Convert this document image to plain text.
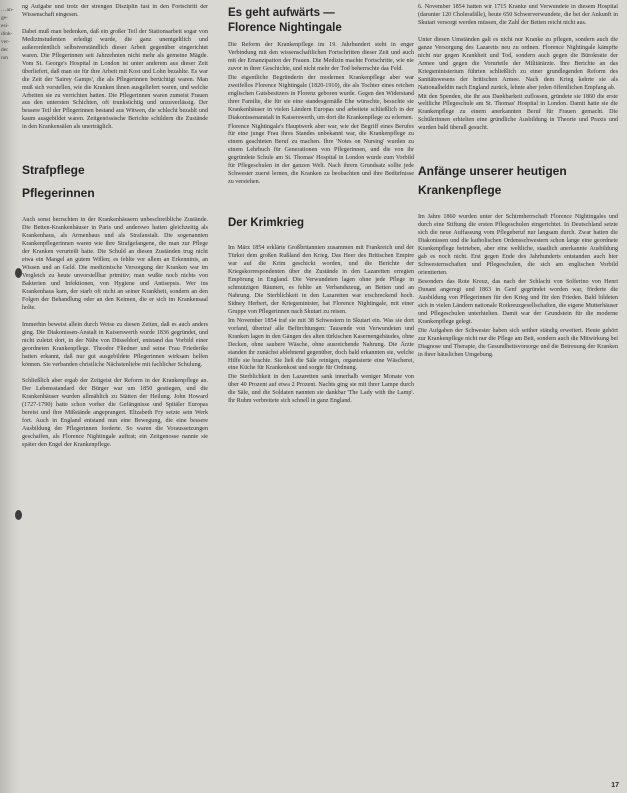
…an-
ge-
esi-
dink-
ver-
der
nm

ng Aufgabe und trotz der strengen Disziplin fast in den Fortschritt der Wissenschaft eingesen.

Dabei muß man bedenken, daß ein großer Teil der Stationsarbeit sogar von Medizinstudenten erledigt wurde, die ganz unentgeltlich und außerordentlich selbstverständlich dieser Arbeit gegenüber eingerichtet waren. Die Pflegerinnen seit Jahrzehnten nicht mehr als gemeine Mägde. Vom St. George's Hospital in London ist unter anderem aus dieser Zeit überliefert, daß man sie für ihre Arbeit mit Kost und Lohn bezahlte. Es war die Zeit der 'Sairey Gamps', die als Pflegerinnen berüchtigt waren. Man muß sich vorstellen, wie die Kranken ihnen ausgeliefert waren, und welche Arbeiten sie zu verrichten hatten. Die Pflegerinnen waren zumeist Frauen aus den untersten Schichten, oft trunksüchtig und unzuverlässig. Der bessere Teil der Pflegerinnen bestand aus Witwen, die schlecht bezahlt und kaum ausgebildet waren. Zeitgenössische Berichte schildern die Zustände in den Krankensälen als unerträglich.

Strafpflege
Pflegerinnen

Auch sonst herrschten in der Krankenhäusern unbeschreibliche Zustände. Die Betten-Krankenhäuser in Paris und anderswo hatten gleichzeitig als Krankenhaus, als Armenhaus und als Strafanstalt. Die sogenannten Krankenpflegerinnen waren wie ihre Strafgefangene, die man zur Pflege der Kranken verurteilt hatte. Die Schuld an diesen Zuständen trug nicht etwa ein Mangel an gutem Willen; es fehlte vor allem an Erkenntnis, an Wissen und an Geld. Die medizinische Versorgung der Kranken war im Vergleich zu heute unvorstellbar primitiv; man wußte noch nichts von Bakterien und Infektionen, von Hygiene und Antisepsis. Wer ins Krankenhaus kam, der starb oft nicht an seiner Krankheit, sondern an den Folgen der Behandlung oder an den Keimen, die er sich im Krankensaal holte.

Immerhin beweist allein durch Weise zu diesen Zeiten, daß es auch anders ging. Die Diakonissen-Anstalt in Kaiserswerth wurde 1836 gegründet, und nicht zuletzt dort, in der Nähe von Düsseldorf, entstand das Vorbild einer geordneten Krankenpflege. Theodor Fliedner und seine Frau Friederike hatten erkannt, daß nur gut ausgebildete Pflegerinnen wirksam helfen können. Sie verbanden christliche Nächstenliebe mit fachlicher Schulung.

Schließlich aber ergab der Zeitgeist der Reform in der Krankenpflege an. Der Lebensstandard der Bürger war um 1850 gestiegen, und die Krankenhäuser wurden allmählich zu Stätten der Heilung. John Howard (1727-1790) hatte schon vorher die Gefängnisse und Spitäler Europas bereist und ihre Mißstände angeprangert. Elizabeth Fry setzte sein Werk fort. Auch in England entstand nun eine Bewegung, die eine bessere Ausbildung der Pflegerinnen forderte. So waren die Voraussetzungen geschaffen, als Florence Nightingale auftrat; ein Zeitgenosse nannte sie später den Engel der Krankenpflege.

Es geht aufwärts —
Florence Nightingale

Die Reform der Krankenpflege im 19. Jahrhundert steht in enger Verbindung mit den wissenschaftlichen Fortschritten dieser Zeit und auch mit der Emanzipation der Frauen. Die Medizin machte Fortschritte, wie nie zuvor in ihrer Geschichte, und nicht mehr der Tod beherrschte das Feld.

Die eigentliche Begründerin der modernen Krankenpflege aber war zweifellos Florence Nightingale (1820-1910), die als Tochter eines reichen englischen Gutsbesitzers in Florenz geboren wurde. Gegen den Widerstand ihrer Familie, die für sie eine standesgemäße Ehe wünschte, besuchte sie Krankenhäuser in vielen Ländern Europas und arbeitete schließlich in der Diakonissenanstalt in Kaiserswerth, um dort die Krankenpflege zu erlernen.

Florence Nightingale's Hauptwerk aber war, wie der Begriff eines Berufes für eine junge Frau ihres Standes unbekannt war, die Krankenpflege zu einem geachteten Beruf zu machen. Ihre 'Notes on Nursing' wurden zu einem Lehrbuch für Generationen von Pflegerinnen, und die von ihr gegründete Schule am St. Thomas' Hospital in London wurde zum Vorbild für Pflegeschulen in der ganzen Welt. Nach ihrem Grundsatz sollte jede Schwester zuerst lernen, die Kranken zu beobachten und ihre Bedürfnisse zu verstehen.

Der Krimkrieg

Im März 1854 erklärte Großbritannien zusammen mit Frankreich und der Türkei dem großen Rußland den Krieg. Das Heer des Britischen Empire war auf die Krim geschickt worden, und die Berichte der Kriegskorrespondenten über die Zustände in den Lazaretten erregten Empörung in England. Die Verwundeten lagen ohne jede Pflege in schmutzigen Räumen, es fehlte an Verbandszeug, an Betten und an Nahrung. Die Sterblichkeit in den Lazaretten war erschreckend hoch. Sidney Herbert, der Kriegsminister, bat Florence Nightingale, mit einer Gruppe von Pflegerinnen nach Skutari zu reisen.

Im November 1854 traf sie mit 38 Schwestern in Skutari ein. Was sie dort vorfand, übertraf alle Befürchtungen: Tausende von Verwundeten und Kranken lagen in den Gängen des alten türkischen Kasernengebäudes, ohne Decken, ohne saubere Wäsche, ohne ausreichende Nahrung. Die Ärzte standen ihr zunächst ablehnend gegenüber, doch bald erkannten sie, welche Hilfe sie brachte. Sie ließ die Säle reinigen, organisierte eine Wäscherei, eine Küche für Krankenkost und sorgte für Ordnung.

Die Sterblichkeit in den Lazaretten sank innerhalb weniger Monate von über 40 Prozent auf etwa 2 Prozent. Nachts ging sie mit ihrer Lampe durch die Säle, und die Soldaten nannten sie dankbar 'The Lady with the Lamp'. Ihr Ruhm verbreitete sich schnell in ganz England.

6. November 1854 hatten wir 1715 Kranke und Verwundete in diesem Hospital (darunter 120 Cholerafälle), heute 650 Schwerverwundete, die bei der Ankunft in Skutari versorgt werden müssen, die Zahl der Betten reicht nicht aus.

Unter diesen Umständen galt es nicht nur Kranke zu pflegen, sondern auch die ganze Versorgung des Lazaretts neu zu ordnen. Florence Nightingale kämpfte nicht nur gegen Krankheit und Tod, sondern auch gegen die Bürokratie der Armee und gegen die Vorurteile der Militärärzte. Ihre Berichte an das Kriegsministerium führten schließlich zu einer grundlegenden Reform des Sanitätswesens der britischen Armee. Nach dem Krieg kehrte sie als Nationalheldin nach England zurück, lehnte aber jeden öffentlichen Empfang ab.

Mit den Spenden, die ihr aus Dankbarkeit zuflossen, gründete sie 1860 die erste weltliche Pflegeschule am St. Thomas' Hospital in London. Damit hatte sie die Krankenpflege zu einem anerkannten Beruf für Frauen gemacht. Die Schülerinnen erhielten eine gründliche Ausbildung in Theorie und Praxis und wurden bald überall gesucht.

Anfänge unserer heutigen
Krankenpflege

Im Jahre 1860 wurden unter der Schirmherrschaft Florence Nightingales und durch eine Stiftung die ersten Pflegeschulen eingerichtet. In Deutschland setzte sich die neue Auffassung vom Pflegeberuf nur langsam durch. Zwar hatten die Diakonissen und die katholischen Ordensschwestern schon lange eine geordnete Krankenpflege betrieben, aber eine weltliche, staatlich anerkannte Ausbildung gab es noch nicht. Erst gegen Ende des Jahrhunderts entstanden auch hier Schwesternschaften und Pflegeschulen, die sich am englischen Vorbild orientierten.

Besonders das Rote Kreuz, das nach der Schlacht von Solferino von Henri Dunant angeregt und 1863 in Genf gegründet worden war, förderte die Ausbildung von Pflegerinnen für den Krieg und für den Frieden. Bald bildeten sich in vielen Ländern nationale Rotkreuzgesellschaften, die eigene Mutterhäuser und Pflegeschulen unterhielten. Damit war der Grundstein für die moderne Krankenpflege gelegt.

Die Aufgaben der Schwester haben sich seither ständig erweitert. Heute gehört zur Krankenpflege nicht nur die Pflege am Bett, sondern auch die Mitwirkung bei Diagnose und Therapie, die Gesundheitsvorsorge und die Betreuung der Kranken in ihrer häuslichen Umgebung.

17
